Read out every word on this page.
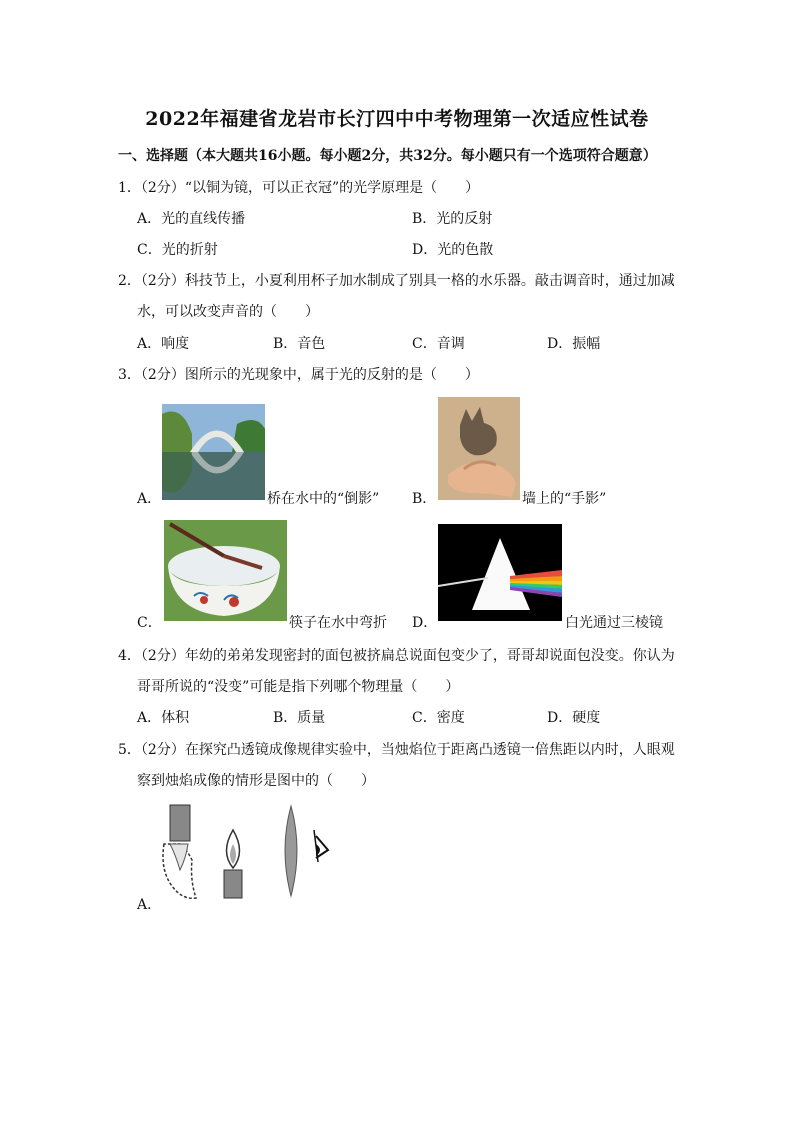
2022年福建省龙岩市长汀四中中考物理第一次适应性试卷
一、选择题（本大题共16小题。每小题2分，共32分。每小题只有一个选项符合题意）
1．（2分）“以铜为镜，可以正衣冠”的光学原理是（　　）
A．光的直线传播	B．光的反射
C．光的折射	D．光的色散
2．（2分）科技节上，小夏利用杯子加水制成了别具一格的水乐器。敲击调音时，通过加减
水，可以改变声音的（　　）
A．响度	B．音色	C．音调	D．振幅
3．（2分）图所示的光现象中，属于光的反射的是（　　）
A．	桥在水中的“倒影” B．	墙上的“手影”
C．	筷子在水中弯折 D．	白光通过三棱镜
4．（2分）年幼的弟弟发现密封的面包被挤扁总说面包变少了，哥哥却说面包没变。你认为
哥哥所说的“没变”可能是指下列哪个物理量（　　）
A．体积	B．质量	C．密度	D．硬度
5．（2分）在探究凸透镜成像规律实验中，当烛焰位于距离凸透镜一倍焦距以内时，人眼观
察到烛焰成像的情形是图中的（　　）
A．
